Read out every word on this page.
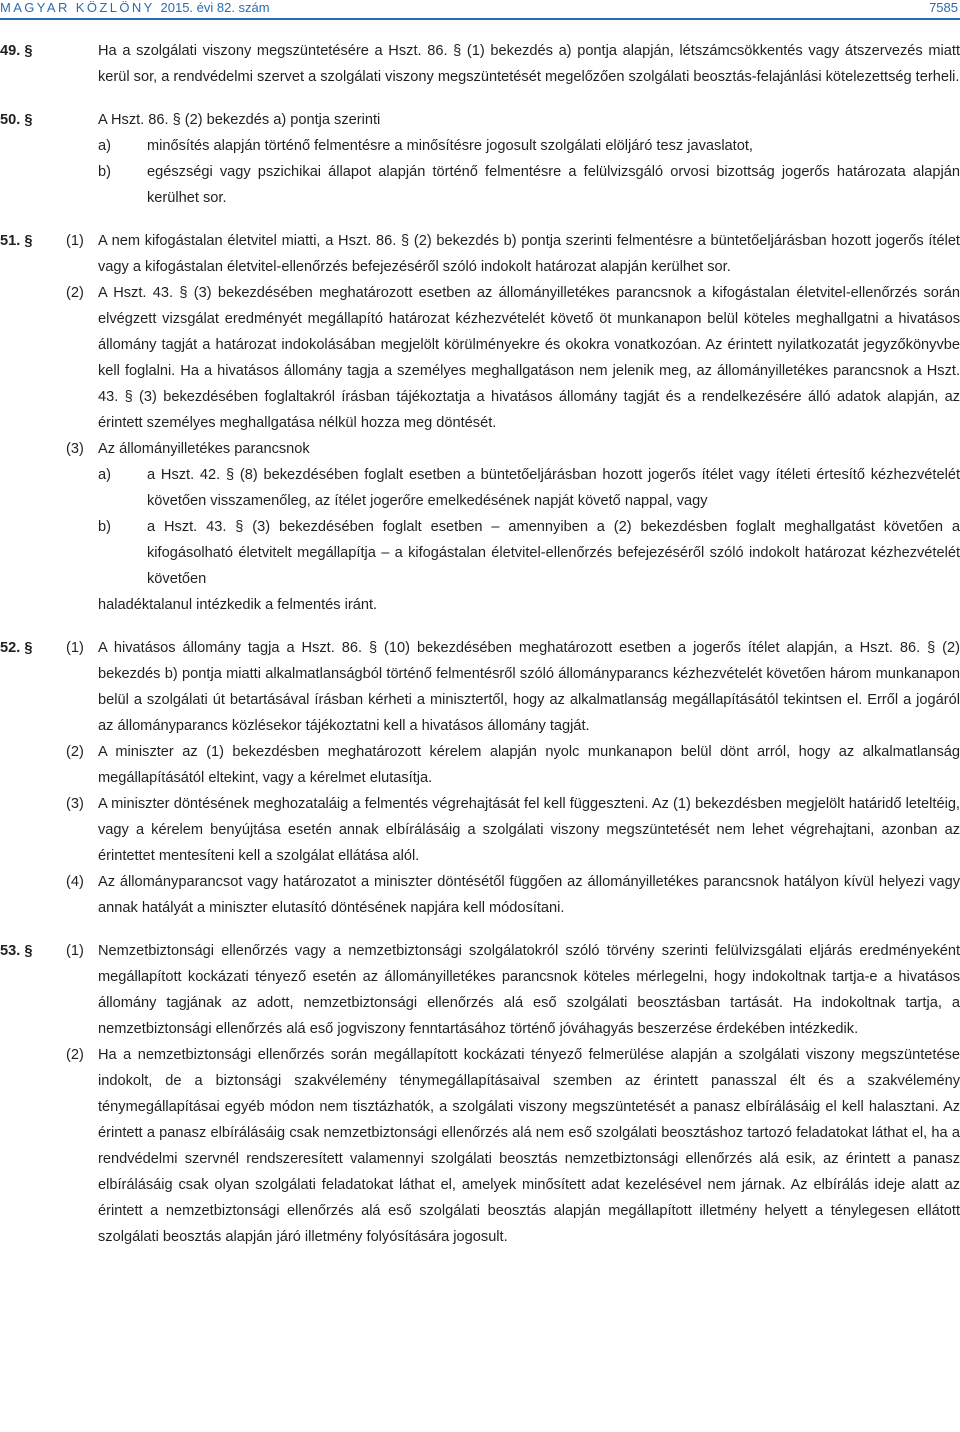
MAGYAR KÖZLÖNY 2015. évi 82. szám	7585
49. §	Ha a szolgálati viszony megszüntetésére a Hszt. 86. § (1) bekezdés a) pontja alapján, létszámcsökkentés vagy átszervezés miatt kerül sor, a rendvédelmi szervet a szolgálati viszony megszüntetését megelőzően szolgálati beosztás-felajánlási kötelezettség terheli.
50. §	A Hszt. 86. § (2) bekezdés a) pontja szerinti
a) minősítés alapján történő felmentésre a minősítésre jogosult szolgálati elöljáró tesz javaslatot,
b) egészségi vagy pszichikai állapot alapján történő felmentésre a felülvizsgáló orvosi bizottság jogerős határozata alapján kerülhet sor.
51. § (1) A nem kifogástalan életvitel miatti, a Hszt. 86. § (2) bekezdés b) pontja szerinti felmentésre a büntetőeljárásban hozott jogerős ítélet vagy a kifogástalan életvitel-ellenőrzés befejezéséről szóló indokolt határozat alapján kerülhet sor.
(2) A Hszt. 43. § (3) bekezdésében meghatározott esetben az állományilletékes parancsnok a kifogástalan életvitel-ellenőrzés során elvégzett vizsgálat eredményét megállapító határozat kézhezvételét követő öt munkanapon belül köteles meghallgatni a hivatásos állomány tagját a határozat indokolásában megjelölt körülményekre és okokra vonatkozóan. Az érintett nyilatkozatát jegyzőkönyvbe kell foglalni. Ha a hivatásos állomány tagja a személyes meghallgatáson nem jelenik meg, az állományilletékes parancsnok a Hszt. 43. § (3) bekezdésében foglaltakról írásban tájékoztatja a hivatásos állomány tagját és a rendelkezésére álló adatok alapján, az érintett személyes meghallgatása nélkül hozza meg döntését.
(3) Az állományilletékes parancsnok
a) a Hszt. 42. § (8) bekezdésében foglalt esetben a büntetőeljárásban hozott jogerős ítélet vagy ítéleti értesítő kézhezvételét követően visszamenőleg, az ítélet jogerőre emelkedésének napját követő nappal, vagy
b) a Hszt. 43. § (3) bekezdésében foglalt esetben – amennyiben a (2) bekezdésben foglalt meghallgatást követően a kifogásolható életvitelt megállapítja – a kifogástalan életvitel-ellenőrzés befejezéséről szóló indokolt határozat kézhezvételét követően
haladéktalanul intézkedik a felmentés iránt.
52. § (1) A hivatásos állomány tagja a Hszt. 86. § (10) bekezdésében meghatározott esetben a jogerős ítélet alapján, a Hszt. 86. § (2) bekezdés b) pontja miatti alkalmatlanságból történő felmentésről szóló állományparancs kézhezvételét követően három munkanapon belül a szolgálati út betartásával írásban kérheti a minisztertől, hogy az alkalmatlanság megállapításától tekintsen el. Erről a jogáról az állományparancs közlésekor tájékoztatni kell a hivatásos állomány tagját.
(2) A miniszter az (1) bekezdésben meghatározott kérelem alapján nyolc munkanapon belül dönt arról, hogy az alkalmatlanság megállapításától eltekint, vagy a kérelmet elutasítja.
(3) A miniszter döntésének meghozataláig a felmentés végrehajtását fel kell függeszteni. Az (1) bekezdésben megjelölt határidő leteltéig, vagy a kérelem benyújtása esetén annak elbírálásáig a szolgálati viszony megszüntetését nem lehet végrehajtani, azonban az érintettet mentesíteni kell a szolgálat ellátása alól.
(4) Az állományparancsot vagy határozatot a miniszter döntésétől függően az állományilletékes parancsnok hatályon kívül helyezi vagy annak hatályát a miniszter elutasító döntésének napjára kell módosítani.
53. § (1) Nemzetbiztonsági ellenőrzés vagy a nemzetbiztonsági szolgálatokról szóló törvény szerinti felülvizsgálati eljárás eredményeként megállapított kockázati tényező esetén az állományilletékes parancsnok köteles mérlegelni, hogy indokoltnak tartja-e a hivatásos állomány tagjának az adott, nemzetbiztonsági ellenőrzés alá eső szolgálati beosztásban tartását. Ha indokoltnak tartja, a nemzetbiztonsági ellenőrzés alá eső jogviszony fenntartásához történő jóváhagyás beszerzése érdekében intézkedik.
(2) Ha a nemzetbiztonsági ellenőrzés során megállapított kockázati tényező felmerülése alapján a szolgálati viszony megszüntetése indokolt, de a biztonsági szakvélemény ténymegállapításaival szemben az érintett panasszal élt és a szakvélemény ténymegállapításai egyéb módon nem tisztázhatók, a szolgálati viszony megszüntetését a panasz elbírálásáig el kell halasztani. Az érintett a panasz elbírálásáig csak nemzetbiztonsági ellenőrzés alá nem eső szolgálati beosztáshoz tartozó feladatokat láthat el, ha a rendvédelmi szervnél rendszeresített valamennyi szolgálati beosztás nemzetbiztonsági ellenőrzés alá esik, az érintett a panasz elbírálásáig csak olyan szolgálati feladatokat láthat el, amelyek minősített adat kezelésével nem járnak. Az elbírálás ideje alatt az érintett a nemzetbiztonsági ellenőrzés alá eső szolgálati beosztás alapján megállapított illetmény helyett a ténylegesen ellátott szolgálati beosztás alapján járó illetmény folyósítására jogosult.
